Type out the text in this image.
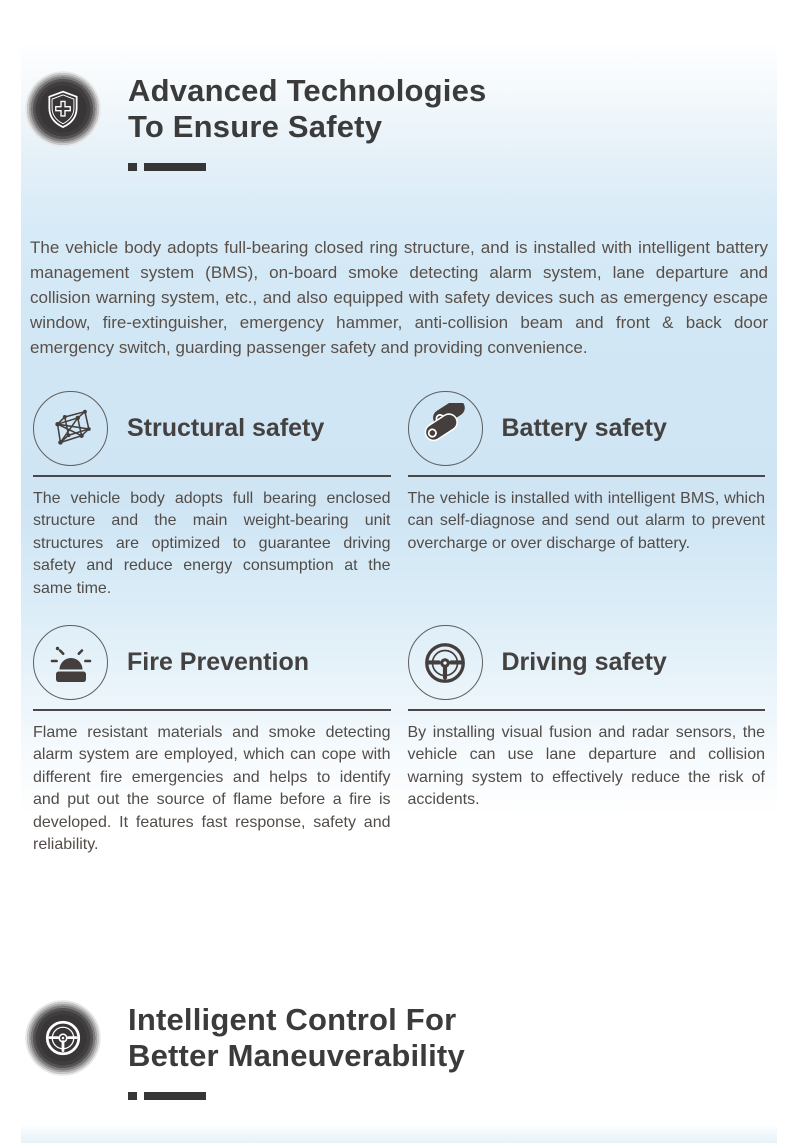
Advanced Technologies
To Ensure Safety
The vehicle body adopts full-bearing closed ring structure, and is installed with intelligent battery management system (BMS), on-board smoke detecting alarm system, lane departure and collision warning system, etc., and also equipped with safety devices such as emergency escape window, fire-extinguisher, emergency hammer, anti-collision beam and front & back door emergency switch, guarding passenger safety and providing convenience.
Structural safety
The vehicle body adopts full bearing enclosed structure and the main weight-bearing unit structures are optimized to guarantee driving safety and reduce energy consumption at the same time.
Battery safety
The vehicle is installed with intelligent BMS, which can self-diagnose and send out alarm to prevent overcharge or over discharge of battery.
Fire Prevention
Flame resistant materials and smoke detecting alarm system are employed, which can cope with different fire emergencies and helps to identify and put out the source of flame before a fire is developed. It features fast response, safety and reliability.
Driving safety
By installing visual fusion and radar sensors, the vehicle can use lane departure and collision warning system to effectively reduce the risk of accidents.
Intelligent Control For
Better Maneuverability
